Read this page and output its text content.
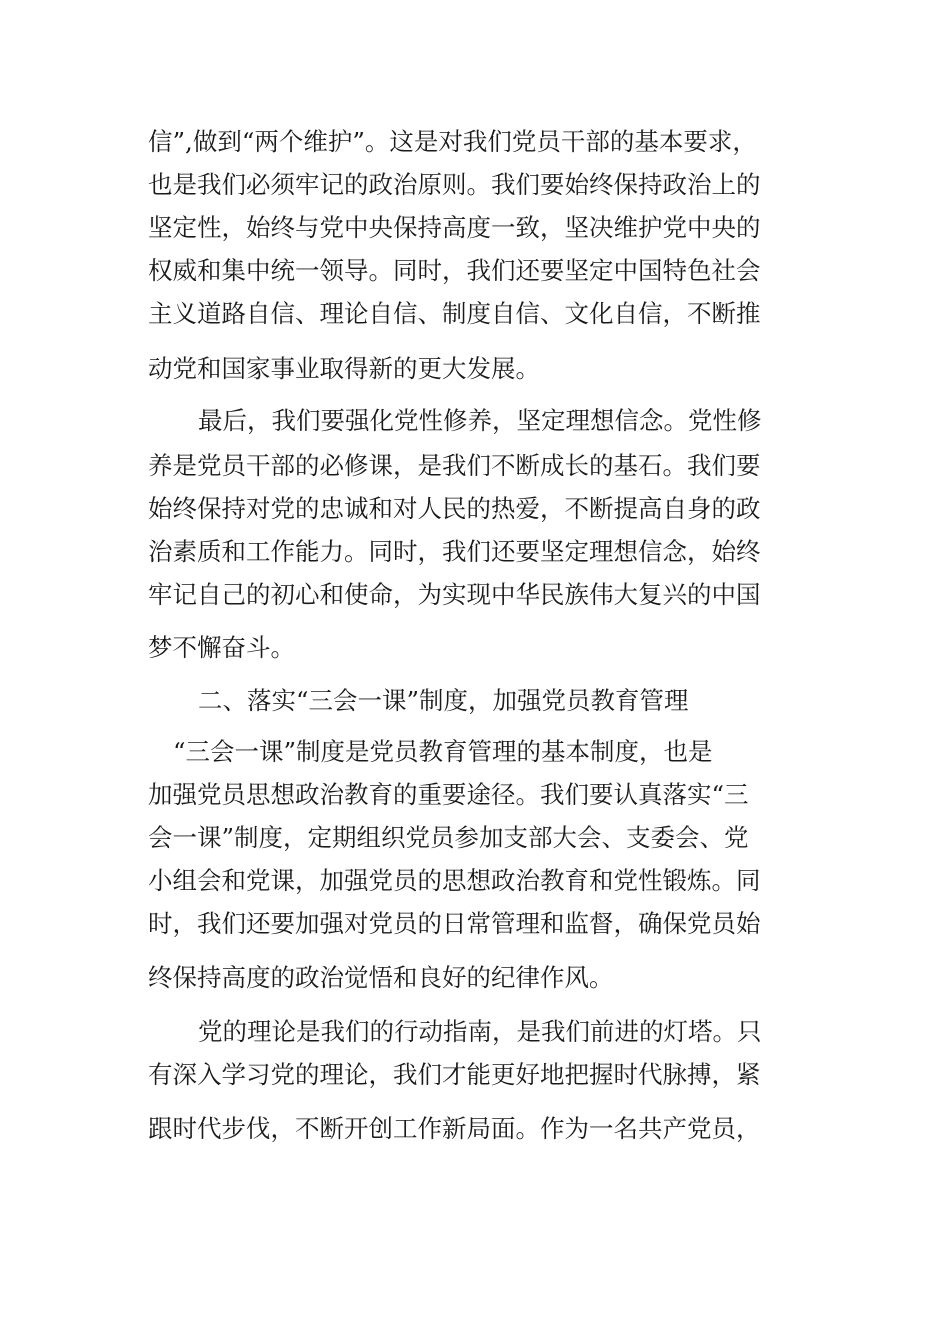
信”,做到“两个维护”。这是对我们党员干部的基本要求，
也是我们必须牢记的政治原则。我们要始终保持政治上的
坚定性，始终与党中央保持高度一致，坚决维护党中央的
权威和集中统一领导。同时，我们还要坚定中国特色社会
主义道路自信、理论自信、制度自信、文化自信，不断推
动党和国家事业取得新的更大发展。
最后，我们要强化党性修养，坚定理想信念。党性修
养是党员干部的必修课，是我们不断成长的基石。我们要
始终保持对党的忠诚和对人民的热爱，不断提高自身的政
治素质和工作能力。同时，我们还要坚定理想信念，始终
牢记自己的初心和使命，为实现中华民族伟大复兴的中国
梦不懈奋斗。
二、落实“三会一课”制度，加强党员教育管理
“三会一课”制度是党员教育管理的基本制度，也是
加强党员思想政治教育的重要途径。我们要认真落实“三
会一课”制度，定期组织党员参加支部大会、支委会、党
小组会和党课，加强党员的思想政治教育和党性锻炼。同
时，我们还要加强对党员的日常管理和监督，确保党员始
终保持高度的政治觉悟和良好的纪律作风。
党的理论是我们的行动指南，是我们前进的灯塔。只
有深入学习党的理论，我们才能更好地把握时代脉搏，紧
跟时代步伐，不断开创工作新局面。作为一名共产党员，
